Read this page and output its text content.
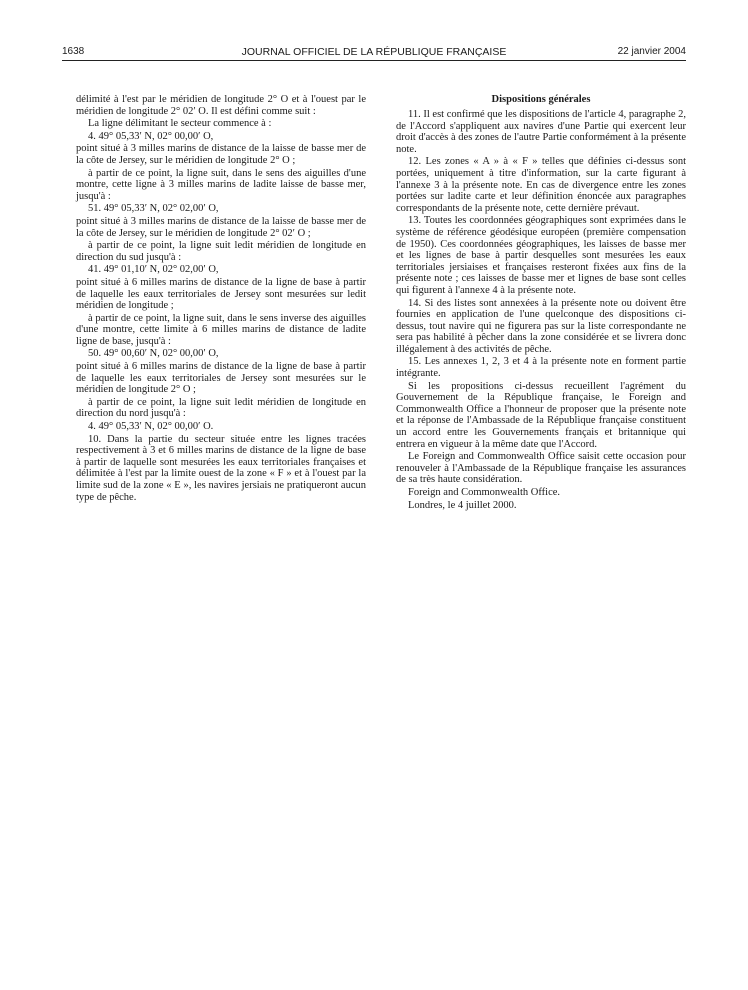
1638	JOURNAL OFFICIEL DE LA RÉPUBLIQUE FRANÇAISE	22 janvier 2004

délimité à l'est par le méridien de longitude 2° O et à l'ouest par le méridien de longitude 2° 02′ O. Il est défini comme suit :

La ligne délimitant le secteur commence à :

4. 49° 05,33′ N, 02° 00,00′ O,

point situé à 3 milles marins de distance de la laisse de basse mer de la côte de Jersey, sur le méridien de longitude 2° O ;

à partir de ce point, la ligne suit, dans le sens des aiguilles d'une montre, cette ligne à 3 milles marins de ladite laisse de basse mer, jusqu'à :

51. 49° 05,33′ N, 02° 02,00′ O,

point situé à 3 milles marins de distance de la laisse de basse mer de la côte de Jersey, sur le méridien de longitude 2° 02′ O ;

à partir de ce point, la ligne suit ledit méridien de longitude en direction du sud jusqu'à :

41. 49° 01,10′ N, 02° 02,00′ O,

point situé à 6 milles marins de distance de la ligne de base à partir de laquelle les eaux territoriales de Jersey sont mesurées sur ledit méridien de longitude ;

à partir de ce point, la ligne suit, dans le sens inverse des aiguilles d'une montre, cette limite à 6 milles marins de distance de ladite ligne de base, jusqu'à :

50. 49° 00,60′ N, 02° 00,00′ O,

point situé à 6 milles marins de distance de la ligne de base à partir de laquelle les eaux territoriales de Jersey sont mesurées sur le méridien de longitude 2° O ;

à partir de ce point, la ligne suit ledit méridien de longitude en direction du nord jusqu'à :

4. 49° 05,33′ N, 02° 00,00′ O.

10. Dans la partie du secteur située entre les lignes tracées respectivement à 3 et 6 milles marins de distance de la ligne de base à partir de laquelle sont mesurées les eaux territoriales françaises et délimitée à l'est par la limite ouest de la zone « F » et à l'ouest par la limite sud de la zone « E », les navires jersiais ne pratiqueront aucun type de pêche.

Dispositions générales

11. Il est confirmé que les dispositions de l'article 4, paragraphe 2, de l'Accord s'appliquent aux navires d'une Partie qui exercent leur droit d'accès à des zones de l'autre Partie conformément à la présente note.

12. Les zones « A » à « F » telles que définies ci-dessus sont portées, uniquement à titre d'information, sur la carte figurant à l'annexe 3 à la présente note. En cas de divergence entre les zones portées sur ladite carte et leur définition énoncée aux paragraphes correspondants de la présente note, cette dernière prévaut.

13. Toutes les coordonnées géographiques sont exprimées dans le système de référence géodésique européen (première compensation de 1950). Ces coordonnées géographiques, les laisses de basse mer et les lignes de base à partir desquelles sont mesurées les eaux territoriales jersiaises et françaises resteront fixées aux fins de la présente note ; ces laisses de basse mer et lignes de base sont celles qui figurent à l'annexe 4 à la présente note.

14. Si des listes sont annexées à la présente note ou doivent être fournies en application de l'une quelconque des dispositions ci-dessus, tout navire qui ne figurera pas sur la liste correspondante ne sera pas habilité à pêcher dans la zone considérée et se livrera donc illégalement à des activités de pêche.

15. Les annexes 1, 2, 3 et 4 à la présente note en forment partie intégrante.

Si les propositions ci-dessus recueillent l'agrément du Gouvernement de la République française, le Foreign and Commonwealth Office a l'honneur de proposer que la présente note et la réponse de l'Ambassade de la République française constituent un accord entre les Gouvernements français et britannique qui entrera en vigueur à la même date que l'Accord.

Le Foreign and Commonwealth Office saisit cette occasion pour renouveler à l'Ambassade de la République française les assurances de sa très haute considération.

Foreign and Commonwealth Office.

Londres, le 4 juillet 2000.
